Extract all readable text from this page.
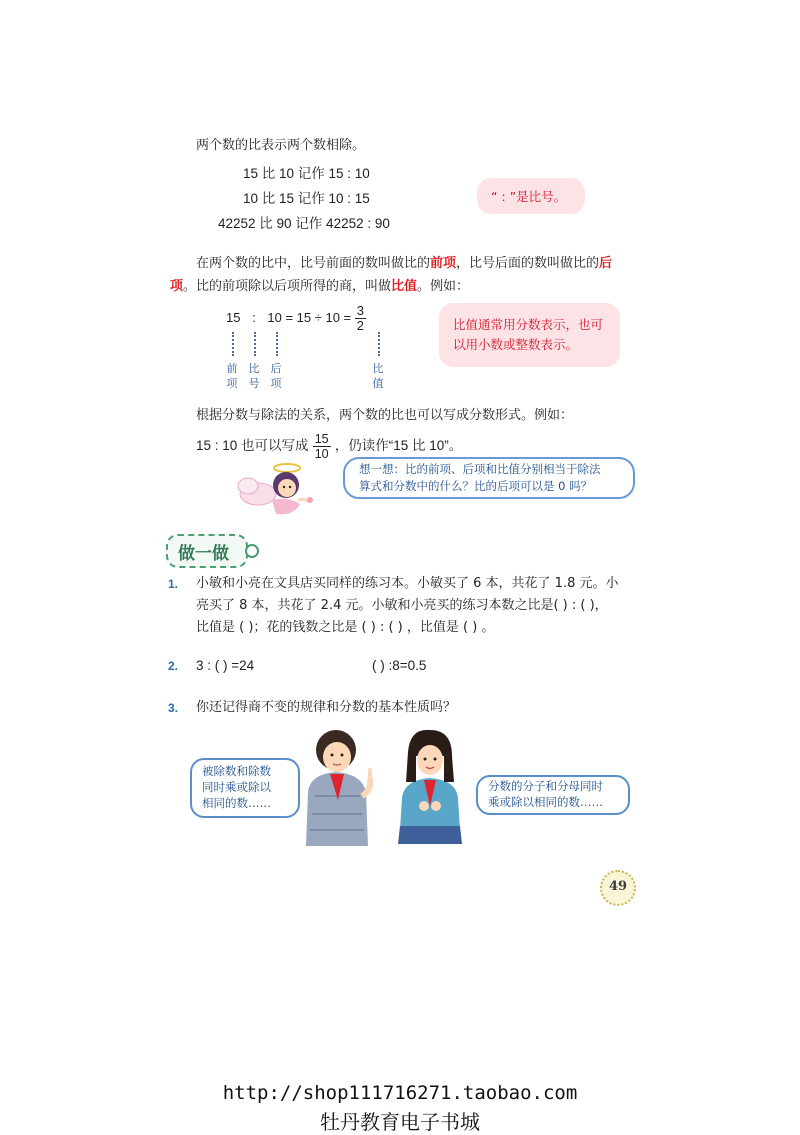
两个数的比表示两个数相除。
15 比 10 记作 15 : 10
10 比 15 记作 10 : 15
42252 比 90 记作 42252 : 90
“ : ”是比号。
在两个数的比中，比号前面的数叫做比的前项，比号后面的数叫做比的后
项。比的前项除以后项所得的商，叫做比值。例如：
15 : $10 = 15 \div 10 = \frac{3}{2}$
前
项
比
号
后
项
比
值
比值通常用分数表示，也可
以用小数或整数表示。
根据分数与除法的关系，两个数的比也可以写成分数形式。例如：
15 : 10 也可以写成 $\frac{15}{10}$ ，仍读作“15 比 10”。
想一想：比的前项、后项和比值分别相当于除法
算式和分数中的什么？比的后项可以是 0 吗？
做一做
1. 小敏和小亮在文具店买同样的练习本。小敏买了 6 本，共花了 1.8 元。小
亮买了 8 本，共花了 2.4 元。小敏和小亮买的练习本数之比是( ) : ( )，
比值是 ( )；花的钱数之比是 ( ) : ( ) ，比值是 ( ) 。
2. 3 : ( ) =24	( ) :8=0.5
3. 你还记得商不变的规律和分数的基本性质吗？
被除数和除数
同时乘或除以
相同的数……
分数的分子和分母同时
乘或除以相同的数……
49
http://shop111716271.taobao.com
牡丹教育电子书城
